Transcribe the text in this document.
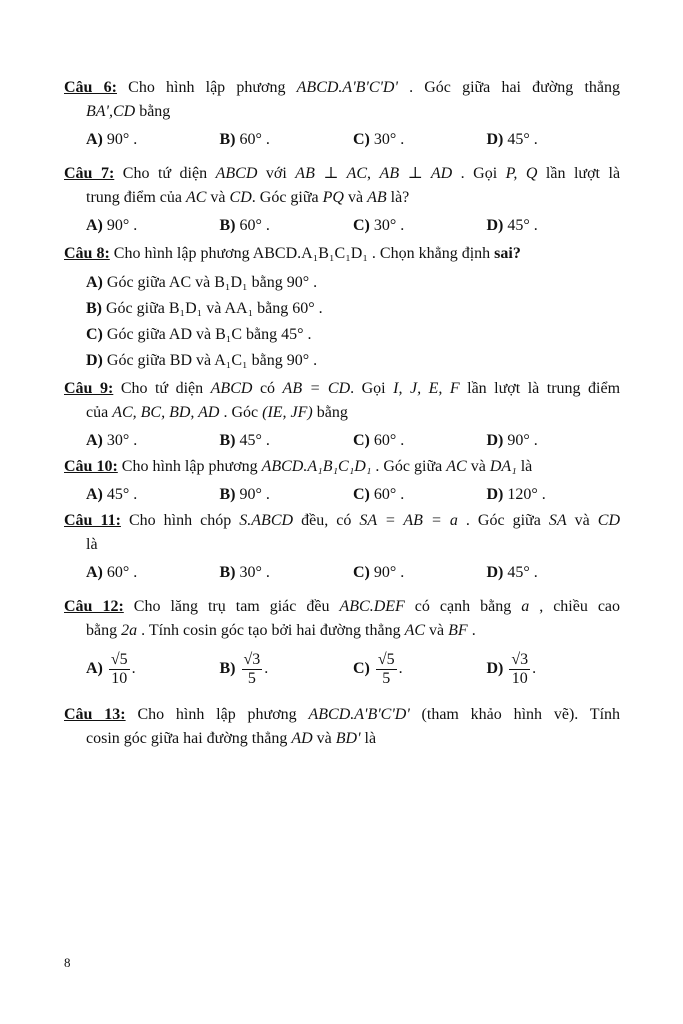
Câu 6: Cho hình lập phương ABCD.A'B'C'D' . Góc giữa hai đường thẳng
BA',CD bằng
A) 90° .	B) 60° .	C) 30° .	D) 45° .
Câu 7: Cho tứ diện ABCD với AB ⊥ AC, AB ⊥ AD . Gọi P, Q lần lượt là
trung điểm của AC và CD. Góc giữa PQ và AB là?
A) 90° .	B) 60° .	C) 30° .	D) 45° .
Câu 8: Cho hình lập phương ABCD.A₁B₁C₁D₁ . Chọn khẳng định sai?
A) Góc giữa AC và B₁D₁ bằng 90° .
B) Góc giữa B₁D₁ và AA₁ bằng 60° .
C) Góc giữa AD và B₁C bằng 45° .
D) Góc giữa BD và A₁C₁ bằng 90° .
Câu 9: Cho tứ diện ABCD có AB = CD. Gọi I, J, E, F lần lượt là trung điểm
của AC, BC, BD, AD . Góc (IE, JF) bằng
A) 30° .	B) 45° .	C) 60° .	D) 90° .
Câu 10: Cho hình lập phương ABCD.A₁B₁C₁D₁ . Góc giữa AC và DA₁ là
A) 45° .	B) 90° .	C) 60° .	D) 120° .
Câu 11: Cho hình chóp S.ABCD đều, có SA = AB = a . Góc giữa SA và CD
là
A) 60° .	B) 30° .	C) 90° .	D) 45° .
Câu 12: Cho lăng trụ tam giác đều ABC.DEF có cạnh bằng a , chiều cao
bằng 2a . Tính cosin góc tạo bởi hai đường thẳng AC và BF .
$A) \frac{√5}{10}$ .	$B) \frac{√3}{5}$ .	$C) \frac{√5}{5}$ .	$D) \frac{√3}{10}$ .
Câu 13: Cho hình lập phương ABCD.A'B'C'D' (tham khảo hình vẽ). Tính
cosin góc giữa hai đường thẳng AD và BD' là
8
